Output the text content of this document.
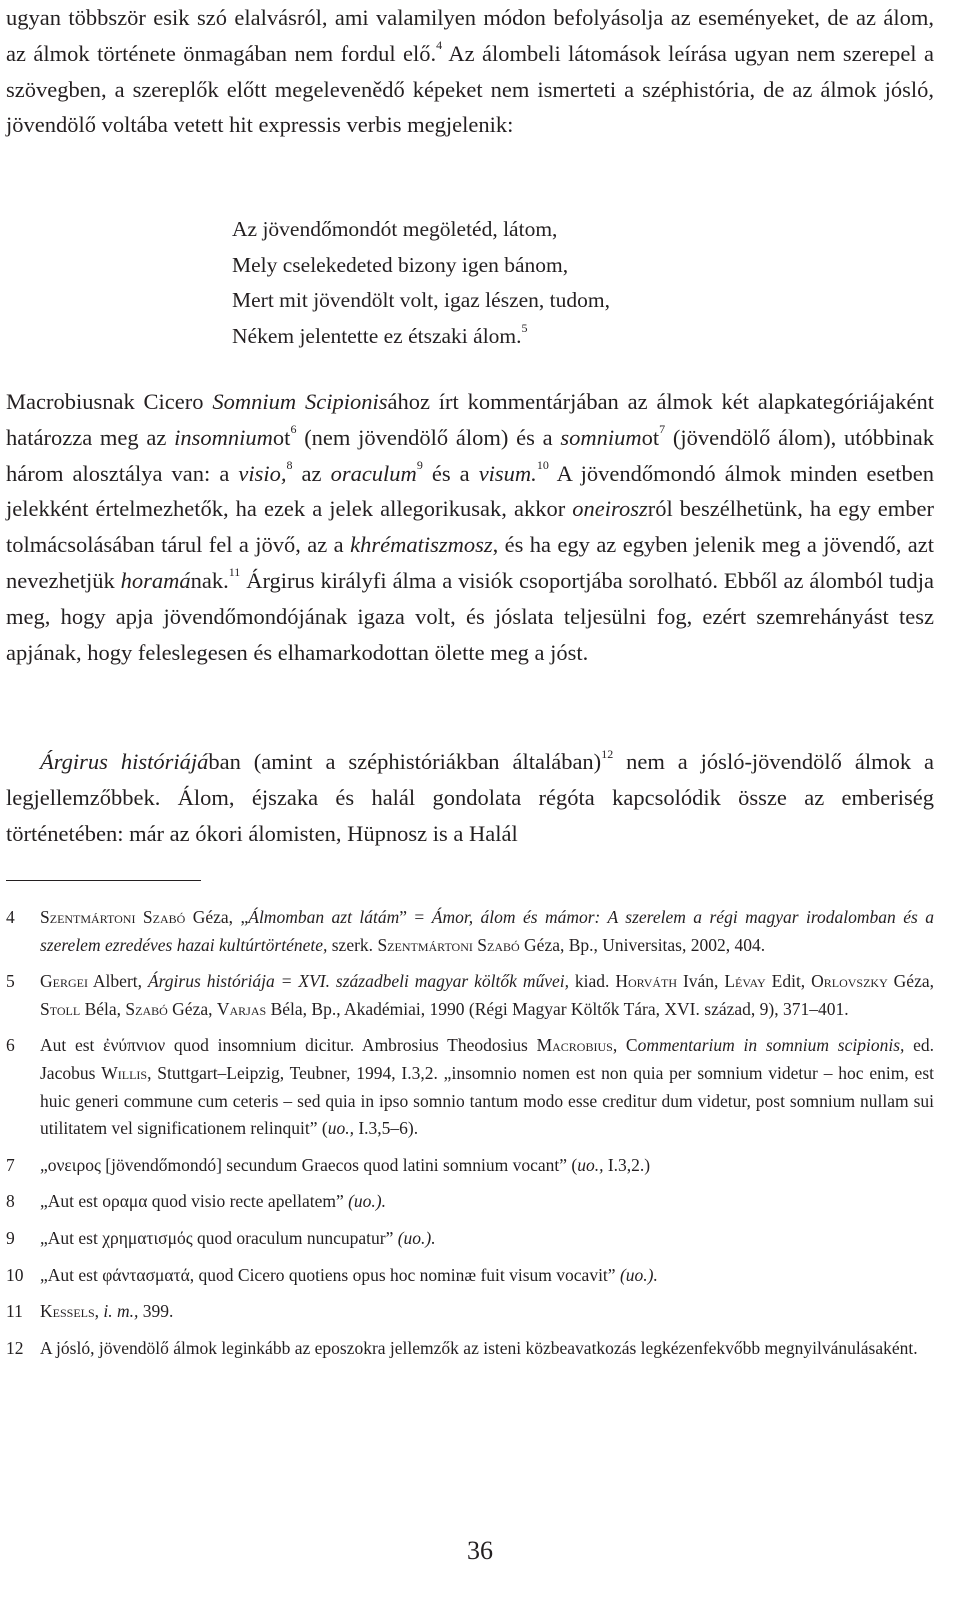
ugyan többször esik szó elalvásról, ami valamilyen módon befolyásolja az eseményeket, de az álom, az álmok története önmagában nem fordul elő.$^4$ Az álombeli látomások leírása ugyan nem szerepel a szövegben, a szereplők előtt megelevenědő képeket nem ismerteti a széphistória, de az álmok jósló, jövendölő voltába vetett hit expressis verbis megjelenik:

Az jövendőmondót megöletéd, látom,
Mely cselekedeted bizony igen bánom,
Mert mit jövendölt volt, igaz lészen, tudom,
Nékem jelentette ez étszaki álom.$^5$

Macrobiusnak Cicero Somnium Scipionisához írt kommentárjában az álmok két alapkategóriájaként határozza meg az insomniumot$^6$ (nem jövendölő álom) és a somniumot$^7$ (jövendölő álom), utóbbinak három alosztálya van: a visio,$^8$ az oraculum$^9$ és a visum.$^{10}$ A jövendőmondó álmok minden esetben jelekként értelmezhetők, ha ezek a jelek allegorikusak, akkor oneiroszról beszélhetünk, ha egy ember tolmácsolásában tárul fel a jövő, az a khrématiszmosz, és ha egy az egyben jelenik meg a jövendő, azt nevezhetjük horamának.$^{11}$ Árgirus királyfi álma a visiók csoportjába sorolható. Ebből az álomból tudja meg, hogy apja jövendőmondójának igaza volt, és jóslata teljesülni fog, ezért szemrehányást tesz apjának, hogy feleslegesen és elhamarkodottan ölette meg a jóst.

Árgirus históriájában (amint a széphistóriákban általában)$^{12}$ nem a jósló-jövendölő álmok a legjellemzőbbek. Álom, éjszaka és halál gondolata régóta kapcsolódik össze az emberiség történetében: már az ókori álomisten, Hüpnosz is a Halál

4 Szentmártoni Szabó Géza, „Álmomban azt látám” = Ámor, álom és mámor: A szerelem a régi magyar irodalomban és a szerelem ezredéves hazai kultúrtörténete, szerk. Szentmártoni Szabó Géza, Bp., Universitas, 2002, 404.
5 Gergei Albert, Árgirus históriája = XVI. századbeli magyar költők művei, kiad. Horváth Iván, Lévay Edit, Orlovszky Géza, Stoll Béla, Szabó Géza, Varjas Béla, Bp., Akadémiai, 1990 (Régi Magyar Költők Tára, XVI. század, 9), 371–401.
6 Aut est ἐνύπνιον quod insomnium dicitur. Ambrosius Theodosius Macrobius, Commentarium in somnium scipionis, ed. Jacobus Willis, Stuttgart–Leipzig, Teubner, 1994, I.3,2. „insomnio nomen est non quia per somnium videtur – hoc enim, est huic generi commune cum ceteris – sed quia in ipso somnio tantum modo esse creditur dum videtur, post somnium nullam sui utilitatem vel significationem relinquit” (uo., I.3,5–6).
7 „ονειρος [jövendőmondó] secundum Graecos quod latini somnium vocant” (uo., I.3,2.)
8 „Aut est οραμα quod visio recte apellatem” (uo.).
9 „Aut est χρηματισμός quod oraculum nuncupatur” (uo.).
10 „Aut est φάντασματά, quod Cicero quotiens opus hoc nominæ fuit visum vocavit” (uo.).
11 Kessels, i. m., 399.
12 A jósló, jövendölő álmok leginkább az eposzokra jellemzők az isteni közbeavatkozás legkézenfekvőbb megnyilvánulásaként.
36
